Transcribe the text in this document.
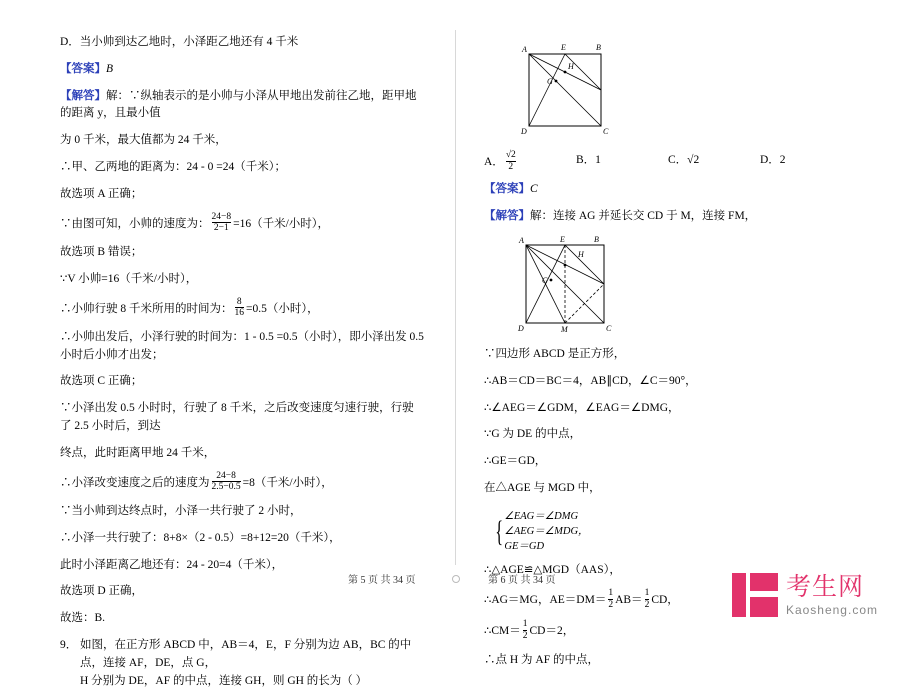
D．当小帅到达乙地时，小泽距乙地还有 4 千米

【答案】B

【解答】解：∵纵轴表示的是小帅与小泽从甲地出发前往乙地，距甲地的距离 y，且最小值

为 0 千米，最大值都为 24 千米，

∴甲、乙两地的距离为：24 - 0 =24（千米）；

故选项 A 正确；

∵由图可知，小帅的速度为： $\frac{24-8}{2-1} =16$（千米/小时），

故选项 B 错误；

∵V 小帅=16（千米/小时），

∴小帅行驶 8 千米所用的时间为： $\frac{8}{16} =0.5$（小时），

∴小帅出发后，小泽行驶的时间为：1 - 0.5 =0.5（小时），即小泽出发 0.5 小时后小帅才出发；

故选项 C 正确；

∵小泽出发 0.5 小时时，行驶了 8 千米，之后改变速度匀速行驶，行驶了 2.5 小时后，到达

终点，此时距离甲地 24 千米，

∴小泽改变速度之后的速度为 $\frac{24-8}{2.5-0.5} =8$（千米/小时），

∵当小帅到达终点时，小泽一共行驶了 2 小时，

∴小泽一共行驶了：8+8×（2 - 0.5）=8+12=20（千米），

此时小泽距离乙地还有：24 - 20=4（千米），

故选项 D 正确，

故选：B.

9． 如图，在正方形 ABCD 中，AB＝4，E，F 分别为边 AB，BC 的中点，连接 AF，DE，点 G，
H 分别为 DE，AF 的中点，连接 GH，则 GH 的长为（ ）
A	E	B
H
G
D	C
A． $\frac{√2}{2}$	B．1	C．√2	D．2

【答案】C

【解答】解：连接 AG 并延长交 CD 于 M，连接 FM，

A	E	B
H
G
D	M	C

∵四边形 ABCD 是正方形，

∴AB＝CD＝BC＝4，AB∥CD，∠C＝90°，

∴∠AEG＝∠GDM，∠EAG＝∠DMG，

∵G 为 DE 的中点，

∴GE＝GD，

在△AGE 与 MGD 中，

{ ∠EAG＝∠DMG
∠AEG＝∠MDG，
GE＝GD

∴△AGE≌△MGD（AAS），

∴AG＝MG，$AE=DM= \frac{1}{2} AB= \frac{1}{2}$ CD，

∴CM＝ $\frac{1}{2} CD=2$，

∴点 H 为 AF 的中点，

第 5 页 共 34 页	第 6 页 共 34 页	考生网
Kaosheng.com
